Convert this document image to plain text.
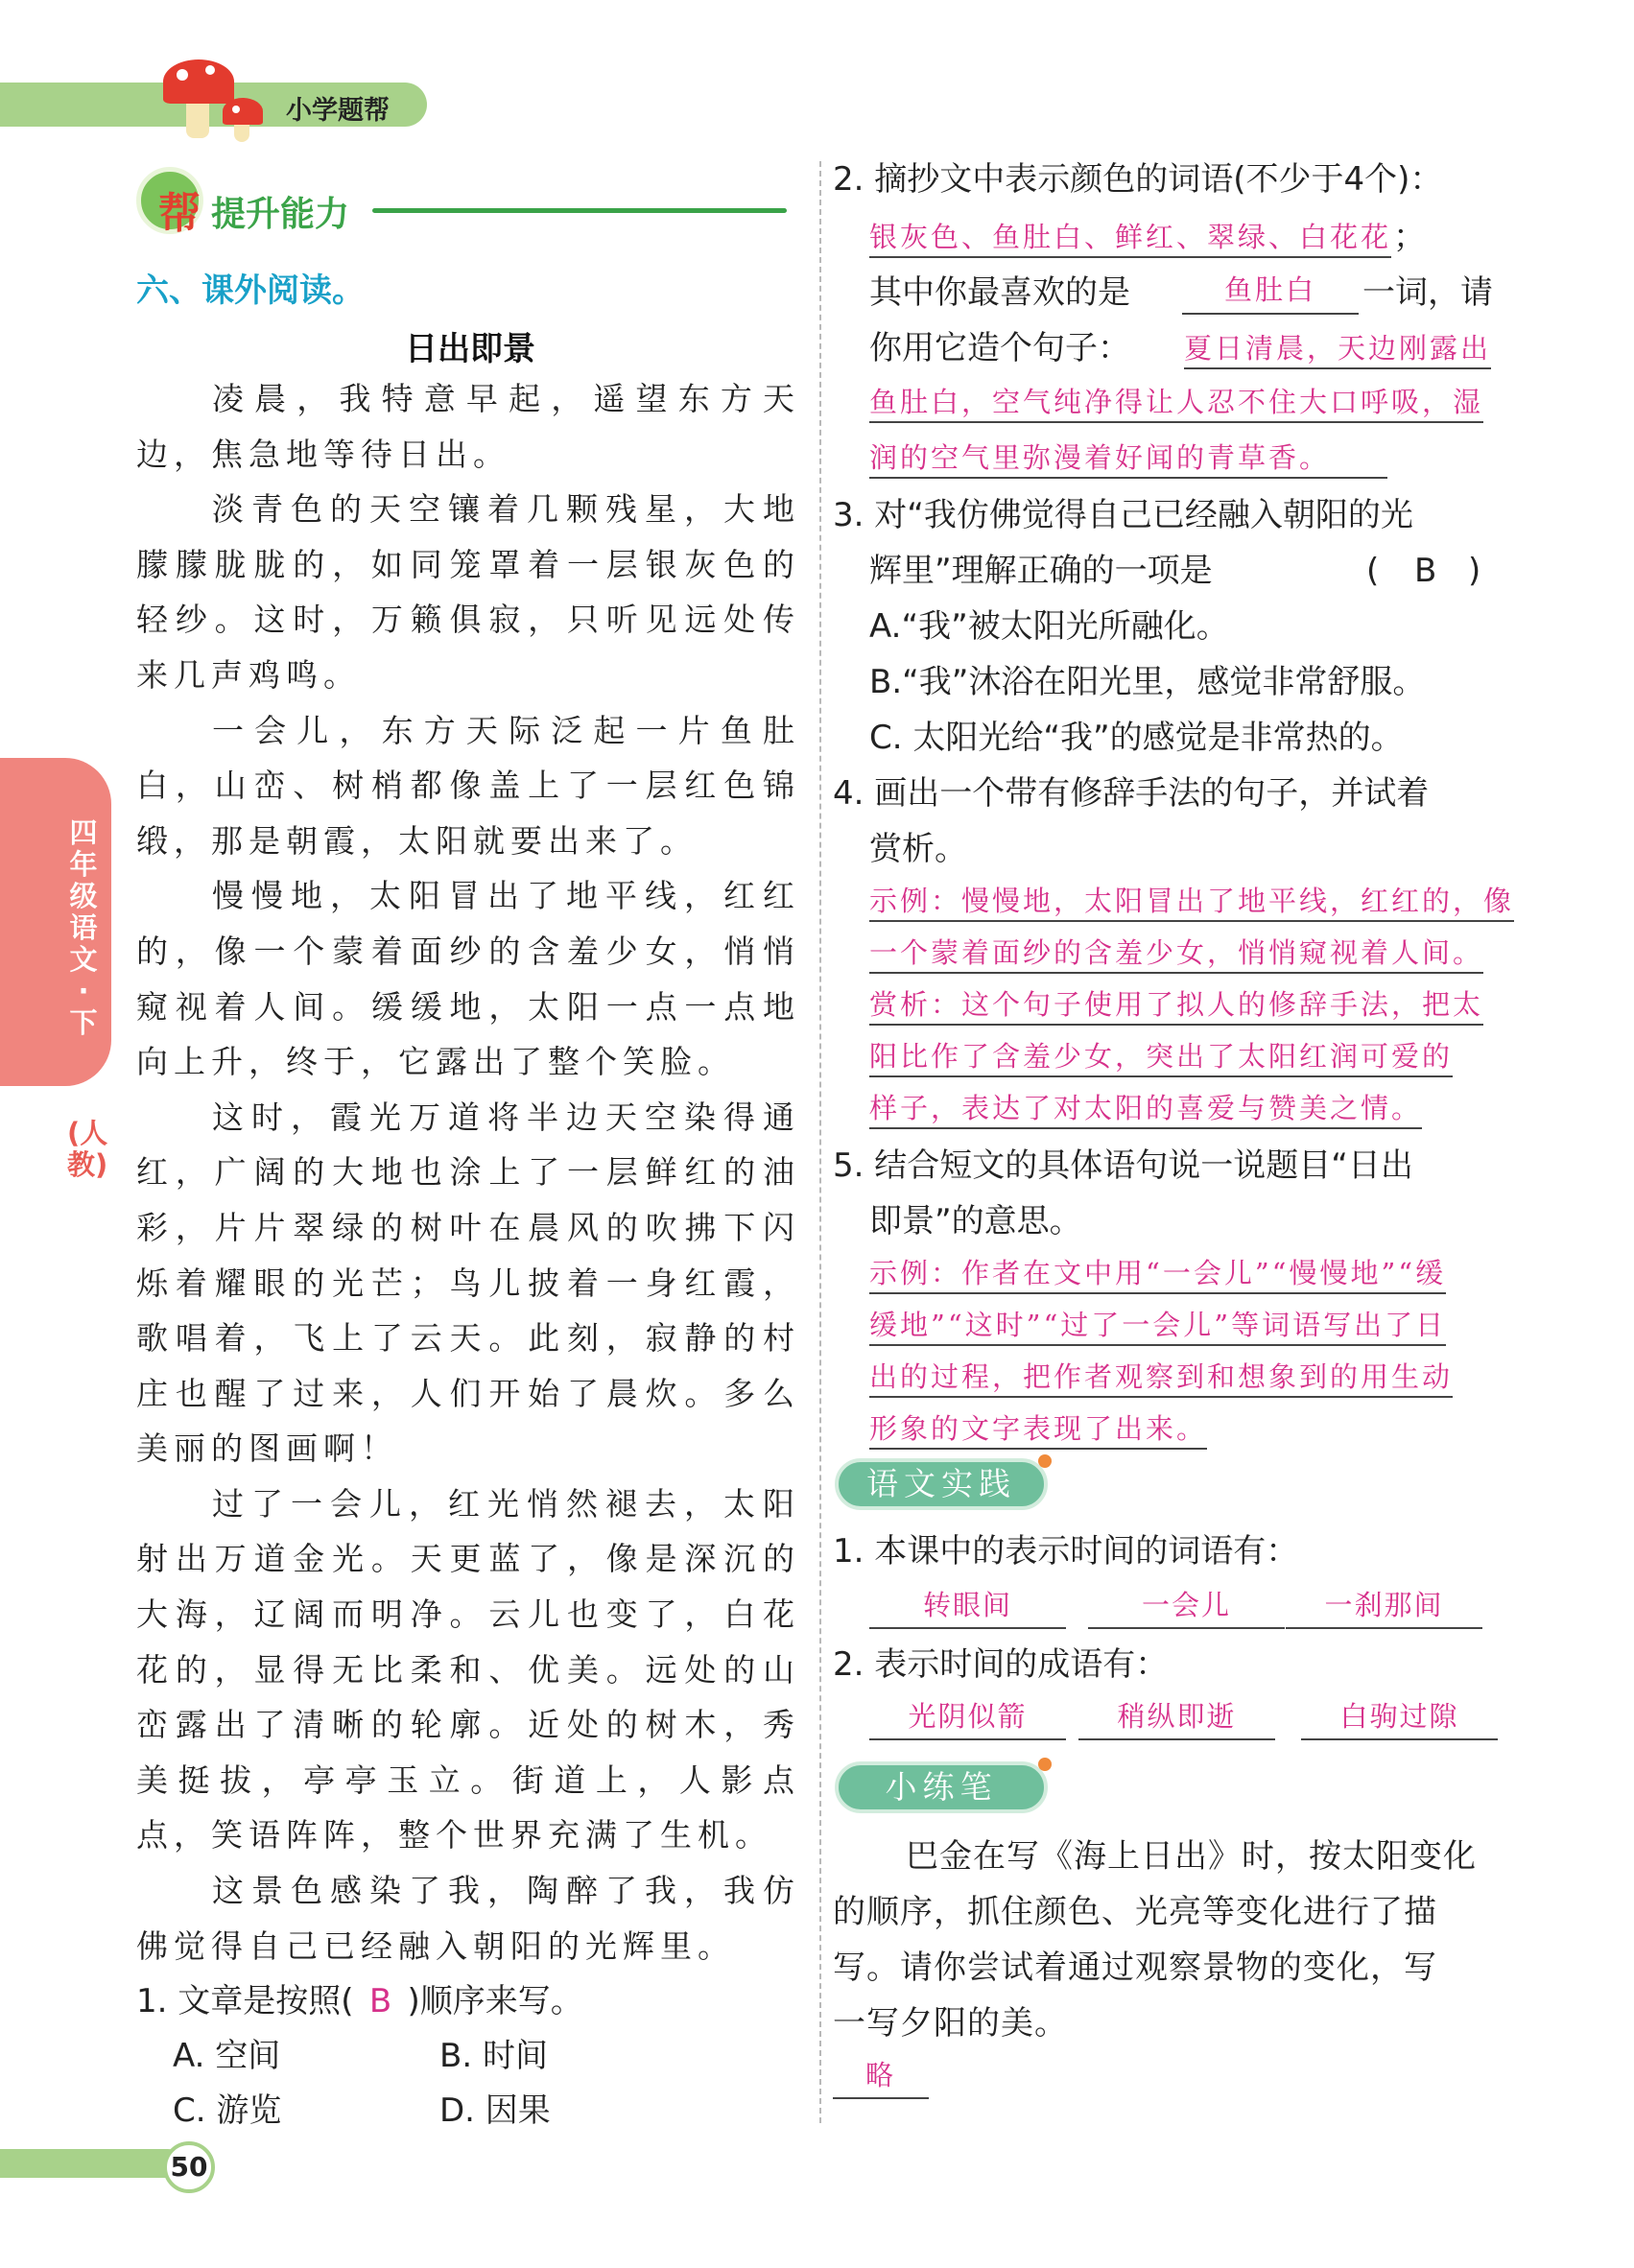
小学题帮
帮 提升能力
六、课外阅读。
日出即景

凌晨，我特意早起，遥望东方天边，焦急地等待日出。

淡青色的天空镶着几颗残星，大地朦朦胧胧的，如同笼罩着一层银灰色的轻纱。这时，万籁俱寂，只听见远处传来几声鸡鸣。

一会儿，东方天际泛起一片鱼肚白，山峦、树梢都像盖上了一层红色锦缎，那是朝霞，太阳就要出来了。

慢慢地，太阳冒出了地平线，红红的，像一个蒙着面纱的含羞少女，悄悄窥视着人间。缓缓地，太阳一点一点地向上升，终于，它露出了整个笑脸。

这时，霞光万道将半边天空染得通红，广阔的大地也涂上了一层鲜红的油彩，片片翠绿的树叶在晨风的吹拂下闪烁着耀眼的光芒；鸟儿披着一身红霞，歌唱着，飞上了云天。此刻，寂静的村庄也醒了过来，人们开始了晨炊。多么美丽的图画啊！

过了一会儿，红光悄然褪去，太阳射出万道金光。天更蓝了，像是深沉的大海，辽阔而明净。云儿也变了，白花花的，显得无比柔和、优美。远处的山峦露出了清晰的轮廓。近处的树木，秀美挺拔，亭亭玉立。街道上，人影点点，笑语阵阵，整个世界充满了生机。

这景色感染了我，陶醉了我，我仿佛觉得自己已经融入朝阳的光辉里。

1. 文章是按照( B )顺序来写。
A. 空间	B. 时间
C. 游览	D. 因果
2. 摘抄文中表示颜色的词语(不少于4个)：
银灰色、鱼肚白、鲜红、翠绿、白花花 ；
其中你最喜欢的是	鱼肚白	一词，请
你用它造个句子： 夏日清晨，天边刚露出
鱼肚白，空气纯净得让人忍不住大口呼吸，湿
润的空气里弥漫着好闻的青草香。
3. 对“我仿佛觉得自己已经融入朝阳的光
辉里”理解正确的一项是	( B )
A.“我”被太阳光所融化。
B.“我”沐浴在阳光里，感觉非常舒服。
C. 太阳光给“我”的感觉是非常热的。
4. 画出一个带有修辞手法的句子，并试着
赏析。
示例：慢慢地，太阳冒出了地平线，红红的，像
一个蒙着面纱的含羞少女，悄悄窥视着人间。
赏析：这个句子使用了拟人的修辞手法，把太
阳比作了含羞少女，突出了太阳红润可爱的
样子，表达了对太阳的喜爱与赞美之情。
5. 结合短文的具体语句说一说题目“日出
即景”的意思。
示例：作者在文中用“一会儿”“慢慢地”“缓
缓地”“这时”“过了一会儿”等词语写出了日
出的过程，把作者观察到和想象到的用生动
形象的文字表现了出来。
语文实践
1. 本课中的表示时间的词语有：
转眼间	一会儿	一刹那间
2. 表示时间的成语有：
光阴似箭	稍纵即逝	白驹过隙
小练笔
巴金在写《海上日出》时，按太阳变化
的顺序，抓住颜色、光亮等变化进行了描
写。请你尝试着通过观察景物的变化，写
一写夕阳的美。
略
四年级语文·下
(人教)
50
